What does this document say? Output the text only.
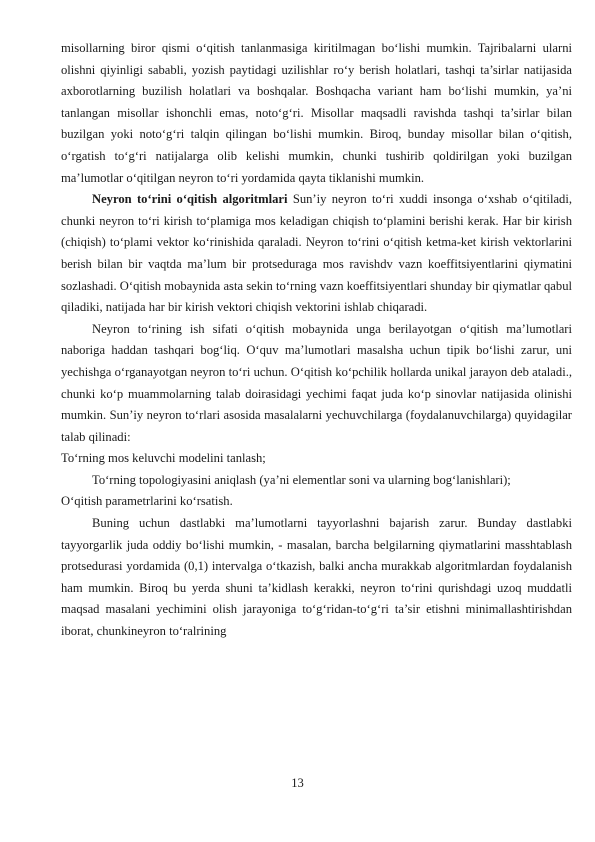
misollarning biror qismi o‘qitish tanlanmasiga kiritilmagan bo‘lishi mumkin. Tajribalarni ularni olishni qiyinligi sababli, yozish paytidagi uzilishlar ro‘y berish holatlari, tashqi ta’sirlar natijasida axborotlarning buzilish holatlari va boshqalar. Boshqacha variant ham bo‘lishi mumkin, ya’ni tanlangan misollar ishonchli emas, noto‘g‘ri. Misollar maqsadli ravishda tashqi ta’sirlar bilan buzilgan yoki noto‘g‘ri talqin qilingan bo‘lishi mumkin. Biroq, bunday misollar bilan o‘qitish, o‘rgatish to‘g‘ri natijalarga olib kelishi mumkin, chunki tushirib qoldirilgan yoki buzilgan ma’lumotlar o‘qitilgan neyron to‘ri yordamida qayta tiklanishi mumkin.

Neyron to‘rini o‘qitish algoritmlari Sun’iy neyron to‘ri xuddi insonga o‘xshab o‘qitiladi, chunki neyron to‘ri kirish to‘plamiga mos keladigan chiqish to‘plamini berishi kerak. Har bir kirish (chiqish) to‘plami vektor ko‘rinishida qaraladi. Neyron to‘rini o‘qitish ketma-ket kirish vektorlarini berish bilan bir vaqtda ma’lum bir protseduraga mos ravishdv vazn koeffitsiyentlarini qiymatini sozlashadi. O‘qitish mobaynida asta sekin to‘rning vazn koeffitsiyentlari shunday bir qiymatlar qabul qiladiki, natijada har bir kirish vektori chiqish vektorini ishlab chiqaradi.

Neyron to‘rining ish sifati o‘qitish mobaynida unga berilayotgan o‘qitish ma’lumotlari naboriga haddan tashqari bog‘liq. O‘quv ma’lumotlari masalsha uchun tipik bo‘lishi zarur, uni yechishga o‘rganayotgan neyron to‘ri uchun. O‘qitish ko‘pchilik hollarda unikal jarayon deb ataladi., chunki ko‘p muammolarning talab doirasidagi yechimi faqat juda ko‘p sinovlar natijasida olinishi mumkin. Sun’iy neyron to‘rlari asosida masalalarni yechuvchilarga (foydalanuvchilarga) quyidagilar talab qilinadi:

To‘rning mos keluvchi modelini tanlash;

To‘rning topologiyasini aniqlash (ya’ni elementlar soni va ularning bog‘lanishlari);

O‘qitish parametrlarini ko‘rsatish.

Buning uchun dastlabki ma’lumotlarni tayyorlashni bajarish zarur. Bunday dastlabki tayyorgarlik juda oddiy bo‘lishi mumkin, - masalan, barcha belgilarning qiymatlarini masshtablash protsedurasi yordamida (0,1) intervalga o‘tkazish, balki ancha murakkab algoritmlardan foydalanish ham mumkin. Biroq bu yerda shuni ta’kidlash kerakki, neyron to‘rini qurishdagi uzoq muddatli maqsad masalani yechimini olish jarayoniga to‘g‘ridan-to‘g‘ri ta’sir etishni minimallashtirishdan iborat, chunkineyron to‘ralrining

13
